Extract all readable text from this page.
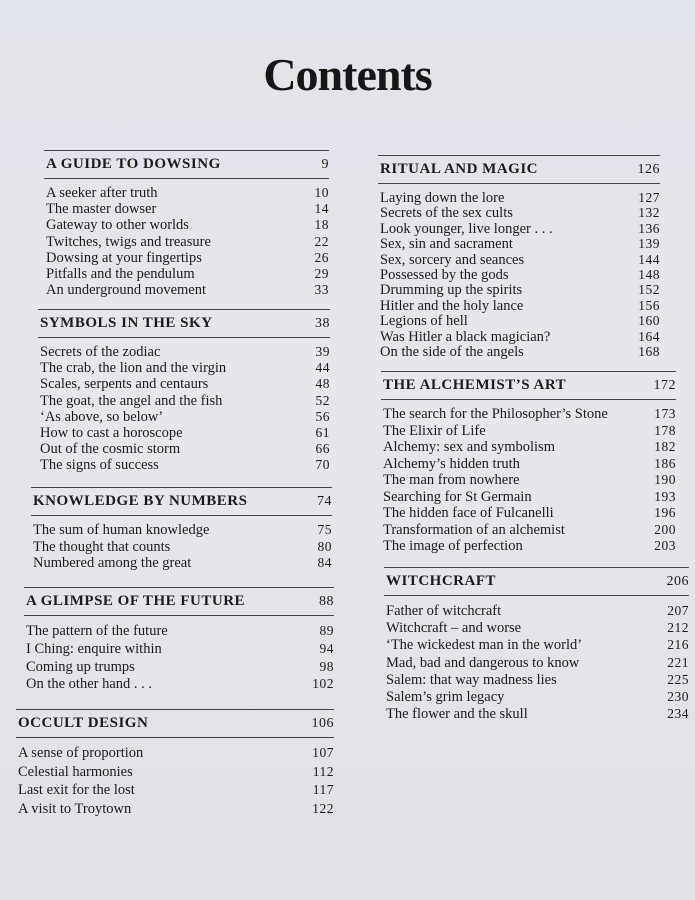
Contents
A GUIDE TO DOWSING	9
A seeker after truth	10
The master dowser	14
Gateway to other worlds	18
Twitches, twigs and treasure	22
Dowsing at your fingertips	26
Pitfalls and the pendulum	29
An underground movement	33
SYMBOLS IN THE SKY	38
Secrets of the zodiac	39
The crab, the lion and the virgin	44
Scales, serpents and centaurs	48
The goat, the angel and the fish	52
‘As above, so below’	56
How to cast a horoscope	61
Out of the cosmic storm	66
The signs of success	70
KNOWLEDGE BY NUMBERS	74
The sum of human knowledge	75
The thought that counts	80
Numbered among the great	84
A GLIMPSE OF THE FUTURE	88
The pattern of the future	89
I Ching: enquire within	94
Coming up trumps	98
On the other hand . . .	102
OCCULT DESIGN	106
A sense of proportion	107
Celestial harmonies	112
Last exit for the lost	117
A visit to Troytown	122
RITUAL AND MAGIC	126
Laying down the lore	127
Secrets of the sex cults	132
Look younger, live longer . . .	136
Sex, sin and sacrament	139
Sex, sorcery and seances	144
Possessed by the gods	148
Drumming up the spirits	152
Hitler and the holy lance	156
Legions of hell	160
Was Hitler a black magician?	164
On the side of the angels	168
THE ALCHEMIST’S ART	172
The search for the Philosopher’s Stone	173
The Elixir of Life	178
Alchemy: sex and symbolism	182
Alchemy’s hidden truth	186
The man from nowhere	190
Searching for St Germain	193
The hidden face of Fulcanelli	196
Transformation of an alchemist	200
The image of perfection	203
WITCHCRAFT	206
Father of witchcraft	207
Witchcraft – and worse	212
‘The wickedest man in the world’	216
Mad, bad and dangerous to know	221
Salem: that way madness lies	225
Salem’s grim legacy	230
The flower and the skull	234
